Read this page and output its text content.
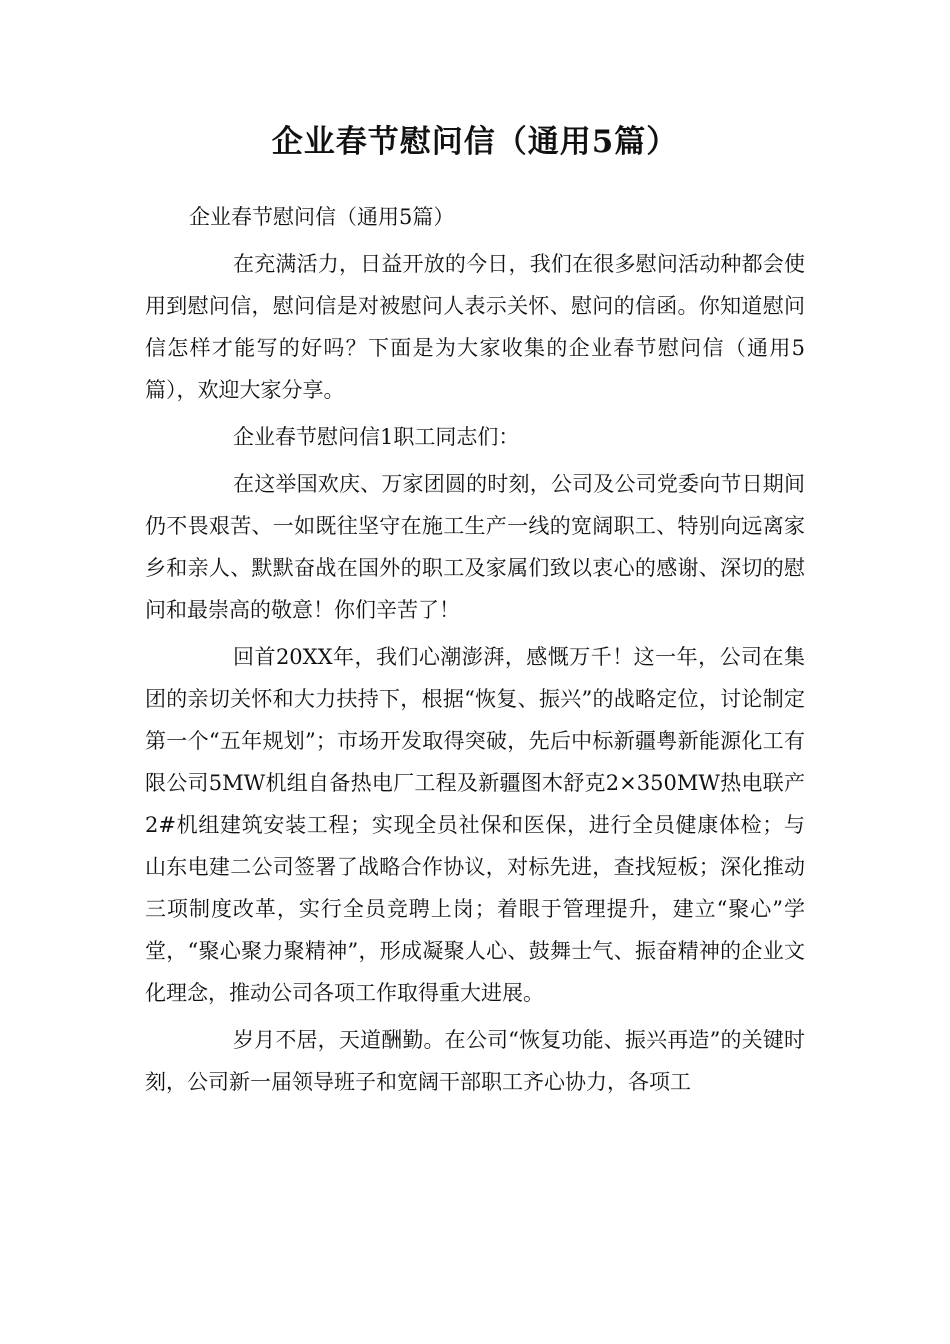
企业春节慰问信（通用5篇）

企业春节慰问信（通用5篇）

在充满活力，日益开放的今日，我们在很多慰问活动种都会使用到慰问信，慰问信是对被慰问人表示关怀、慰问的信函。你知道慰问信怎样才能写的好吗？下面是为大家收集的企业春节慰问信（通用5篇），欢迎大家分享。

企业春节慰问信1职工同志们：

在这举国欢庆、万家团圆的时刻，公司及公司党委向节日期间仍不畏艰苦、一如既往坚守在施工生产一线的宽阔职工、特别向远离家乡和亲人、默默奋战在国外的职工及家属们致以衷心的感谢、深切的慰问和最崇高的敬意！你们辛苦了！

回首20XX年，我们心潮澎湃，感慨万千！这一年，公司在集团的亲切关怀和大力扶持下，根据“恢复、振兴”的战略定位，讨论制定第一个“五年规划”；市场开发取得突破，先后中标新疆粤新能源化工有限公司5MW机组自备热电厂工程及新疆图木舒克2×350MW热电联产2#机组建筑安装工程；实现全员社保和医保，进行全员健康体检；与山东电建二公司签署了战略合作协议，对标先进，查找短板；深化推动三项制度改革，实行全员竞聘上岗；着眼于管理提升，建立“聚心”学堂，“聚心聚力聚精神”，形成凝聚人心、鼓舞士气、振奋精神的企业文化理念，推动公司各项工作取得重大进展。

岁月不居，天道酬勤。在公司“恢复功能、振兴再造”的关键时刻，公司新一届领导班子和宽阔干部职工齐心协力，各项工
